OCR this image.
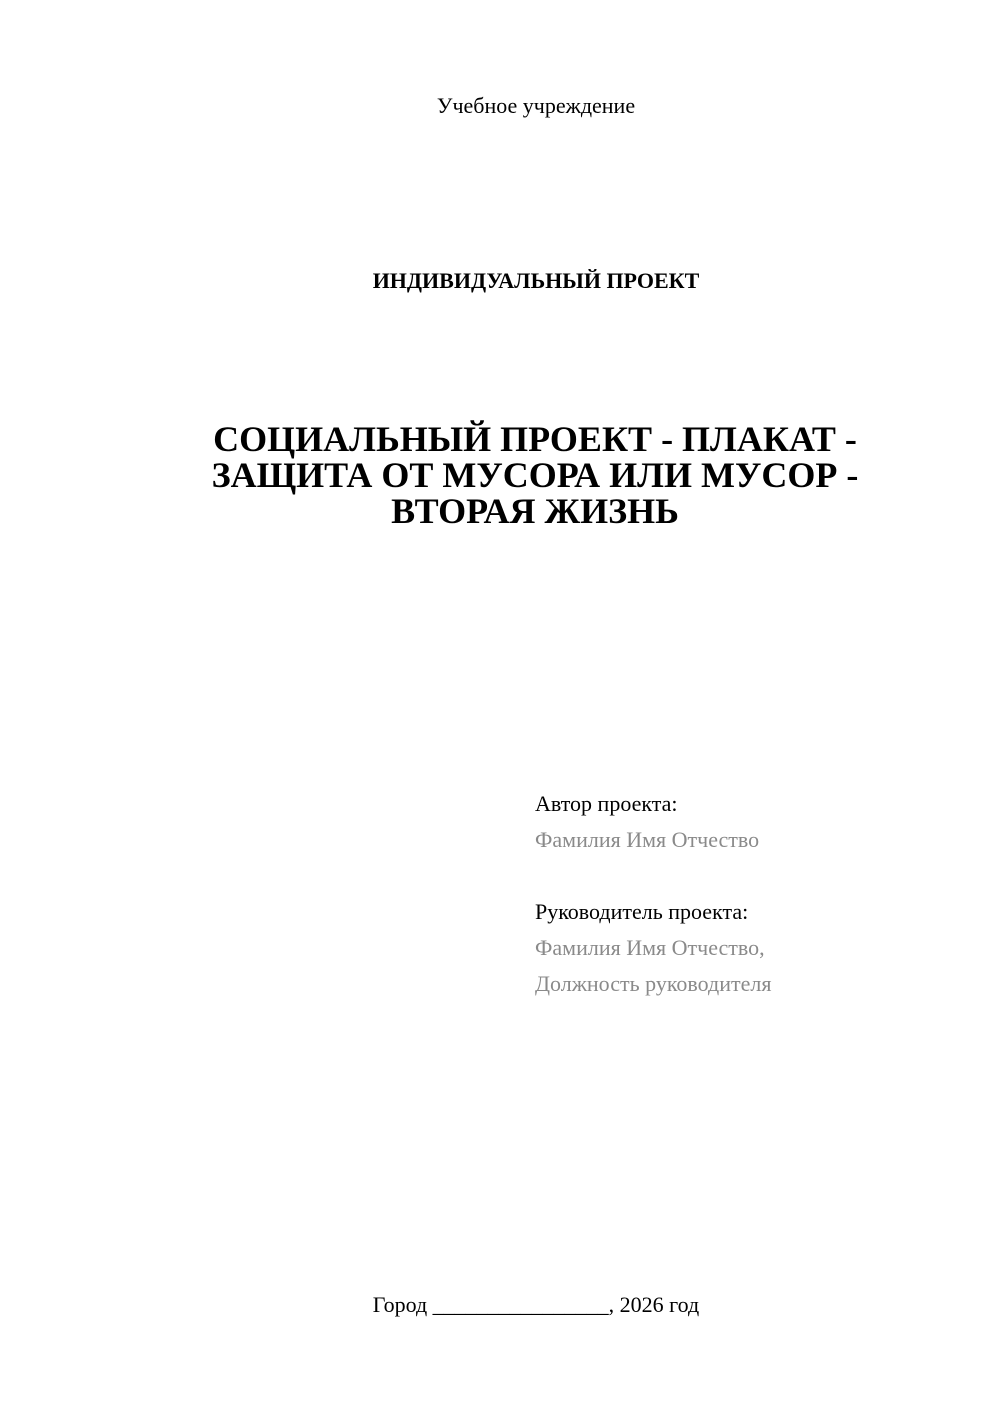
Учебное учреждение
ИНДИВИДУАЛЬНЫЙ ПРОЕКТ
СОЦИАЛЬНЫЙ ПРОЕКТ - ПЛАКАТ -
ЗАЩИТА ОТ МУСОРА ИЛИ МУСОР -
ВТОРАЯ ЖИЗНЬ
Автор проекта:
Фамилия Имя Отчество
Руководитель проекта:
Фамилия Имя Отчество,
Должность руководителя
Город ________________, 2026 год
